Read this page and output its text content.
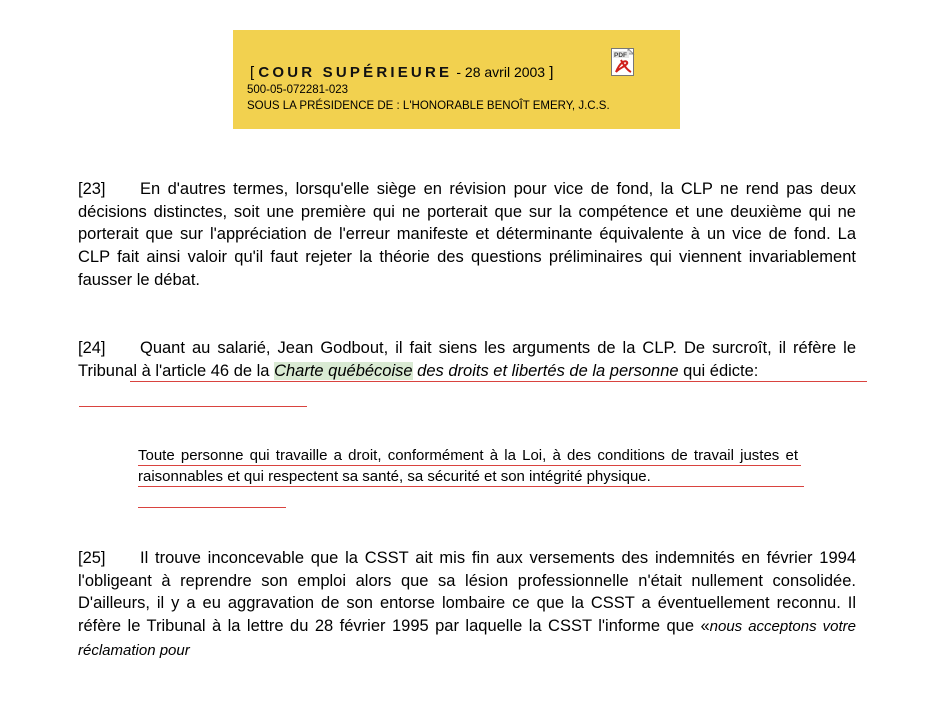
[ COUR SUPÉRIEURE - 28 avril 2003 ]
500-05-072281-023
SOUS LA PRÉSIDENCE DE : L'HONORABLE BENOÎT EMERY, J.C.S.
PDF
[23] En d'autres termes, lorsqu'elle siège en révision pour vice de fond, la CLP ne rend pas deux décisions distinctes, soit une première qui ne porterait que sur la compétence et une deuxième qui ne porterait que sur l'appréciation de l'erreur manifeste et déterminante équivalente à un vice de fond. La CLP fait ainsi valoir qu'il faut rejeter la théorie des questions préliminaires qui viennent invariablement fausser le débat.
[24] Quant au salarié, Jean Godbout, il fait siens les arguments de la CLP. De surcroît, il réfère le Tribunal à l'article 46 de la Charte québécoise des droits et libertés de la personne qui édicte:
Toute personne qui travaille a droit, conformément à la Loi, à des conditions de travail justes et raisonnables et qui respectent sa santé, sa sécurité et son intégrité physique.
[25] Il trouve inconcevable que la CSST ait mis fin aux versements des indemnités en février 1994 l'obligeant à reprendre son emploi alors que sa lésion professionnelle n'était nullement consolidée. D'ailleurs, il y a eu aggravation de son entorse lombaire ce que la CSST a éventuellement reconnu. Il réfère le Tribunal à la lettre du 28 février 1995 par laquelle la CSST l'informe que «nous acceptons votre réclamation pour
